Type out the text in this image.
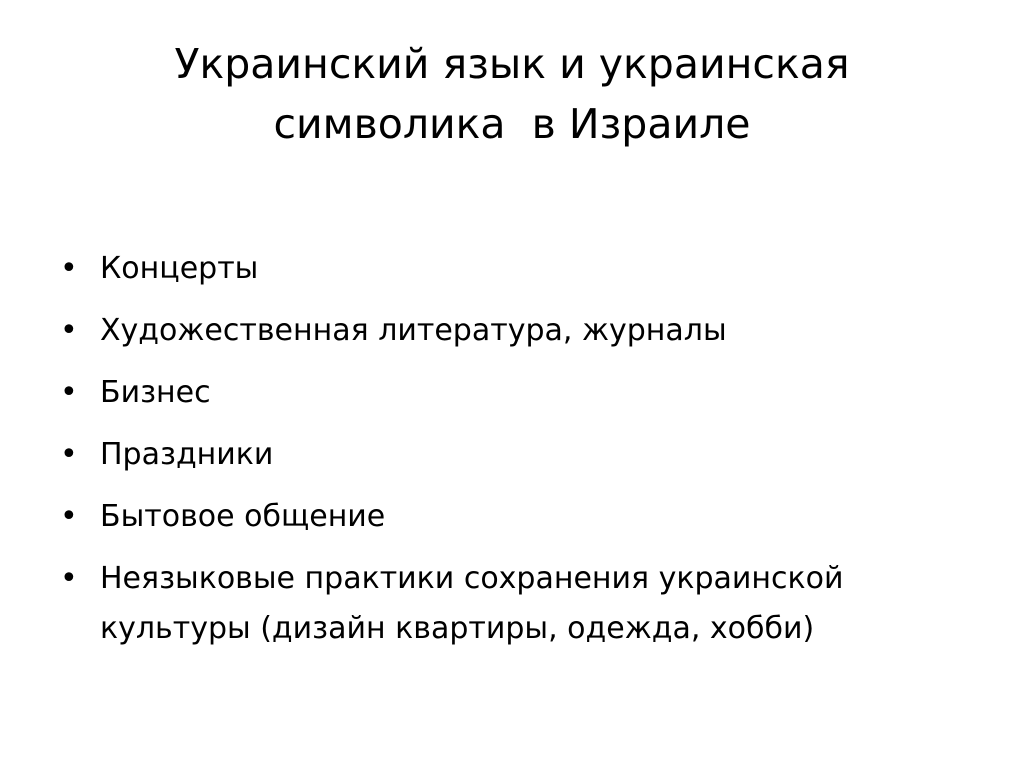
Украинский язык и украинская
символика  в Израиле
• Концерты
• Художественная литература, журналы
• Бизнес
• Праздники
• Бытовое общение
• Неязыковые практики сохранения украинской культуры (дизайн квартиры, одежда, хобби)
